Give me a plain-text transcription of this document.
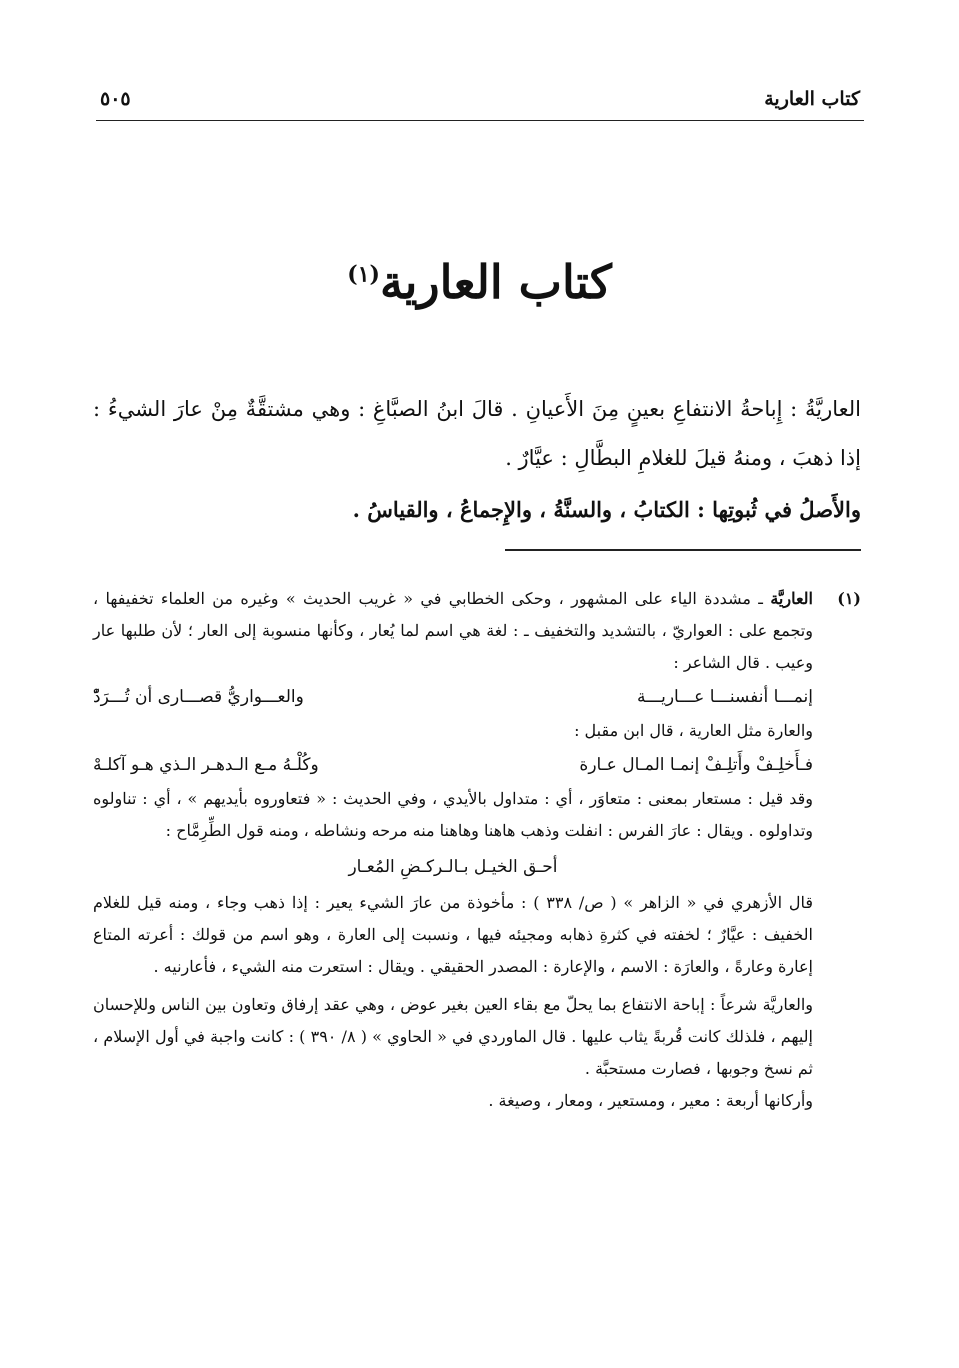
كتاب العارية
٥٠٥
كتاب العارية$^{(١)}$

العاريَّةُ : إِباحةُ الانتفاعِ بعينٍ مِنَ الأَعيانِ . قالَ ابنُ الصبَّاغِ : وهي مشتقَّةٌ مِنْ عارَ الشيءُ : إذا ذهبَ ، ومنهُ قيلَ للغلامِ البطَّالِ : عيَّارٌ .

والأَصلُ في ثُبوتِها : الكتابُ ، والسنَّةُ ، والإِجماعُ ، والقياسُ .

(١)

العاريَّة ـ مشددة الياء على المشهور ، وحكى الخطابي في « غريب الحديث » وغيره من العلماء تخفيفها ، وتجمع على : العواريّ ، بالتشديد والتخفيف ـ : لغة هي اسم لما يُعار ، وكأنها منسوبة إلى العار ؛ لأن طلبها عار وعيب . قال الشاعر :

إنمـــا أنفسنـــا عـــاريـــة
والعـــواريُّ قصـــارى أن تُـــرَدّْ

والعارة مثل العارية ، قال ابن مقبل :

فـأَخلِـفْ وأَتلِـفْ إنمـا المـال عـارة
وكُلْـهُ مـع الـدهـر الـذي هـو آكلـهْ

وقد قيل : مستعار بمعنى : متعاوَر ، أي : متداول بالأيدي ، وفي الحديث : « فتعاوروه بأيديهم » ، أي : تناولوه وتداولوه . ويقال : عارَ الفرس : انفلت وذهب هاهنا وهاهنا منه مرحه ونشاطه ، ومنه قول الطِّرِمَّاح :

أحـق الخيـل بـالـركـضِ المُعـار

قال الأزهري في « الزاهر » ( ص/ ٣٣٨ ) : مأخوذة من عارَ الشيء يعير : إذا ذهب وجاء ، ومنه قيل للغلام الخفيف : عيَّارٌ ؛ لخفته في كثرةِ ذهابه ومجيئه فيها ، ونسبت إلى العارة ، وهو اسم من قولك : أعرته المتاع إعارة وعارةً ، والعارَة : الاسم ، والإعارة : المصدر الحقيقي . ويقال : استعرت منه الشيء ، فأعارنيه .

والعاريَّة شرعاً : إباحة الانتفاع بما يحلّ مع بقاء العين بغير عوض ، وهي عقد إرفاق وتعاون بين الناس وللإحسان إليهم ، فلذلك كانت قُربةً يثاب عليها . قال الماوردي في « الحاوي » ( ٨/ ٣٩٠ ) : كانت واجبة في أول الإسلام ، ثم نسخ وجوبها ، فصارت مستحبَّة .

وأركانها أربعة : معير ، ومستعير ، ومعار ، وصيغة .
